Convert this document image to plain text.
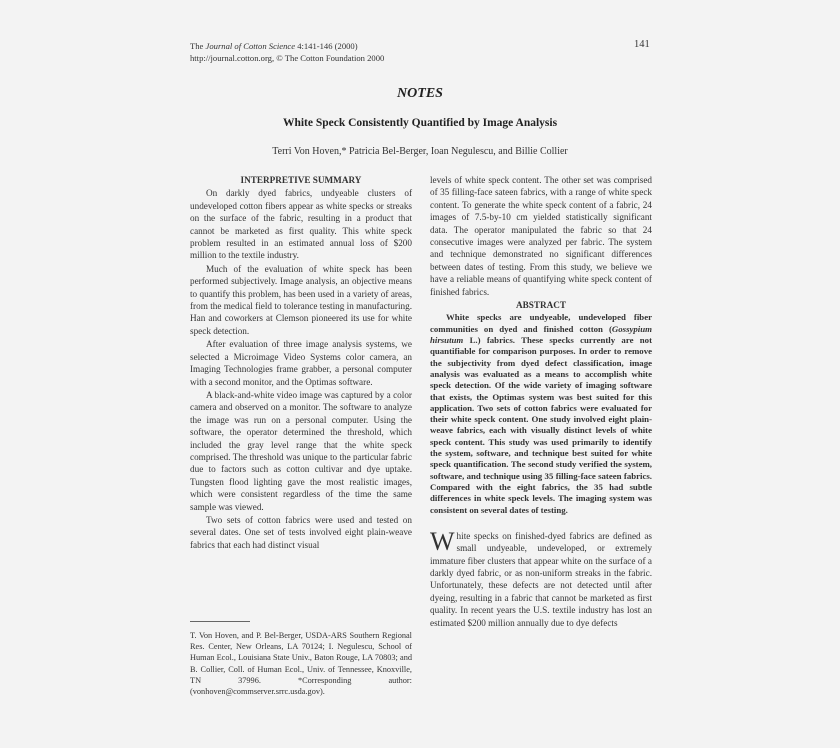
The Journal of Cotton Science 4:141-146 (2000)
http://journal.cotton.org, © The Cotton Foundation 2000
141
NOTES
White Speck Consistently Quantified by Image Analysis
Terri Von Hoven,* Patricia Bel-Berger, Ioan Negulescu, and Billie Collier

INTERPRETIVE SUMMARY

On darkly dyed fabrics, undyeable clusters of undeveloped cotton fibers appear as white specks or streaks on the surface of the fabric, resulting in a product that cannot be marketed as first quality. This white speck problem resulted in an estimated annual loss of $200 million to the textile industry.

Much of the evaluation of white speck has been performed subjectively. Image analysis, an objective means to quantify this problem, has been used in a variety of areas, from the medical field to tolerance testing in manufacturing. Han and coworkers at Clemson pioneered its use for white speck detection.

After evaluation of three image analysis systems, we selected a Microimage Video Systems color camera, an Imaging Technologies frame grabber, a personal computer with a second monitor, and the Optimas software.

A black-and-white video image was captured by a color camera and observed on a monitor. The software to analyze the image was run on a personal computer. Using the software, the operator determined the threshold, which included the gray level range that the white speck comprised. The threshold was unique to the particular fabric due to factors such as cotton cultivar and dye uptake. Tungsten flood lighting gave the most realistic images, which were consistent regardless of the time the same sample was viewed.

Two sets of cotton fabrics were used and tested on several dates. One set of tests involved eight plain-weave fabrics that each had distinct visual

T. Von Hoven, and P. Bel-Berger, USDA-ARS Southern Regional Res. Center, New Orleans, LA 70124; I. Negulescu, School of Human Ecol., Louisiana State Univ., Baton Rouge, LA 70803; and B. Collier, Coll. of Human Ecol., Univ. of Tennessee, Knoxville, TN 37996. *Corresponding author: (vonhoven@commserver.srrc.usda.gov).

levels of white speck content. The other set was comprised of 35 filling-face sateen fabrics, with a range of white speck content. To generate the white speck content of a fabric, 24 images of 7.5-by-10 cm yielded statistically significant data. The operator manipulated the fabric so that 24 consecutive images were analyzed per fabric. The system and technique demonstrated no significant differences between dates of testing. From this study, we believe we have a reliable means of quantifying white speck content of finished fabrics.

ABSTRACT

White specks are undyeable, undeveloped fiber communities on dyed and finished cotton (Gossypium hirsutum L.) fabrics. These specks currently are not quantifiable for comparison purposes. In order to remove the subjectivity from dyed defect classification, image analysis was evaluated as a means to accomplish white speck detection. Of the wide variety of imaging software that exists, the Optimas system was best suited for this application. Two sets of cotton fabrics were evaluated for their white speck content. One study involved eight plain-weave fabrics, each with visually distinct levels of white speck content. This study was used primarily to identify the system, software, and technique best suited for white speck quantification. The second study verified the system, software, and technique using 35 filling-face sateen fabrics. Compared with the eight fabrics, the 35 had subtle differences in white speck levels. The imaging system was consistent on several dates of testing.

White specks on finished-dyed fabrics are defined as small undyeable, undeveloped, or extremely immature fiber clusters that appear white on the surface of a darkly dyed fabric, or as non-uniform streaks in the fabric. Unfortunately, these defects are not detected until after dyeing, resulting in a fabric that cannot be marketed as first quality. In recent years the U.S. textile industry has lost an estimated $200 million annually due to dye defects
